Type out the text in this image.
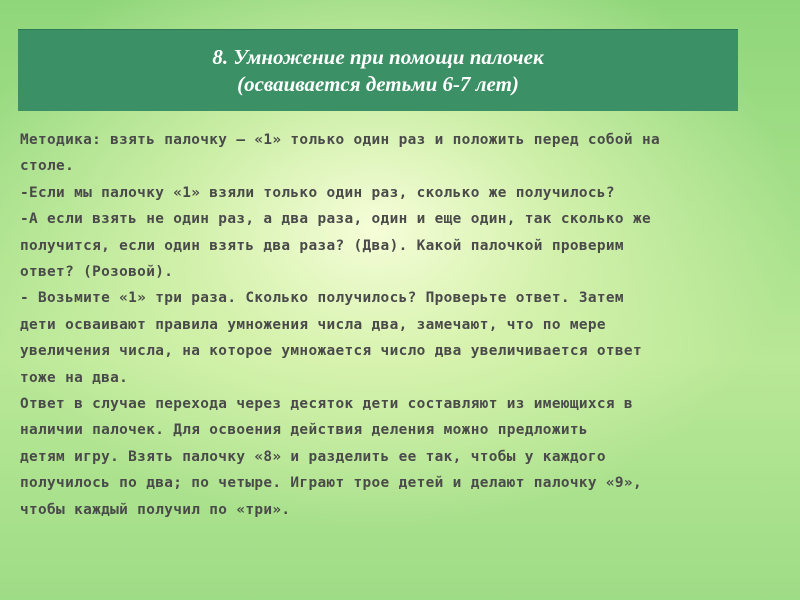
8. Умножение при помощи палочек
(осваивается детьми 6-7 лет)
Методика: взять палочку – «1» только один раз и положить перед собой на
столе.
-Если мы палочку «1» взяли только один раз, сколько же получилось?
-А если взять не один раз, а два раза, один и еще один, так сколько же
получится, если один взять два раза? (Два). Какой палочкой проверим
ответ? (Розовой).
- Возьмите «1» три раза. Сколько получилось? Проверьте ответ. Затем
дети осваивают правила умножения числа два, замечают, что по мере
увеличения числа, на которое умножается число два увеличивается ответ
тоже на два.
Ответ в случае перехода через десяток дети составляют из имеющихся в
наличии палочек. Для освоения действия деления можно предложить
детям игру. Взять палочку «8» и разделить ее так, чтобы у каждого
получилось по два; по четыре. Играют трое детей и делают палочку «9»,
чтобы каждый получил по «три».
